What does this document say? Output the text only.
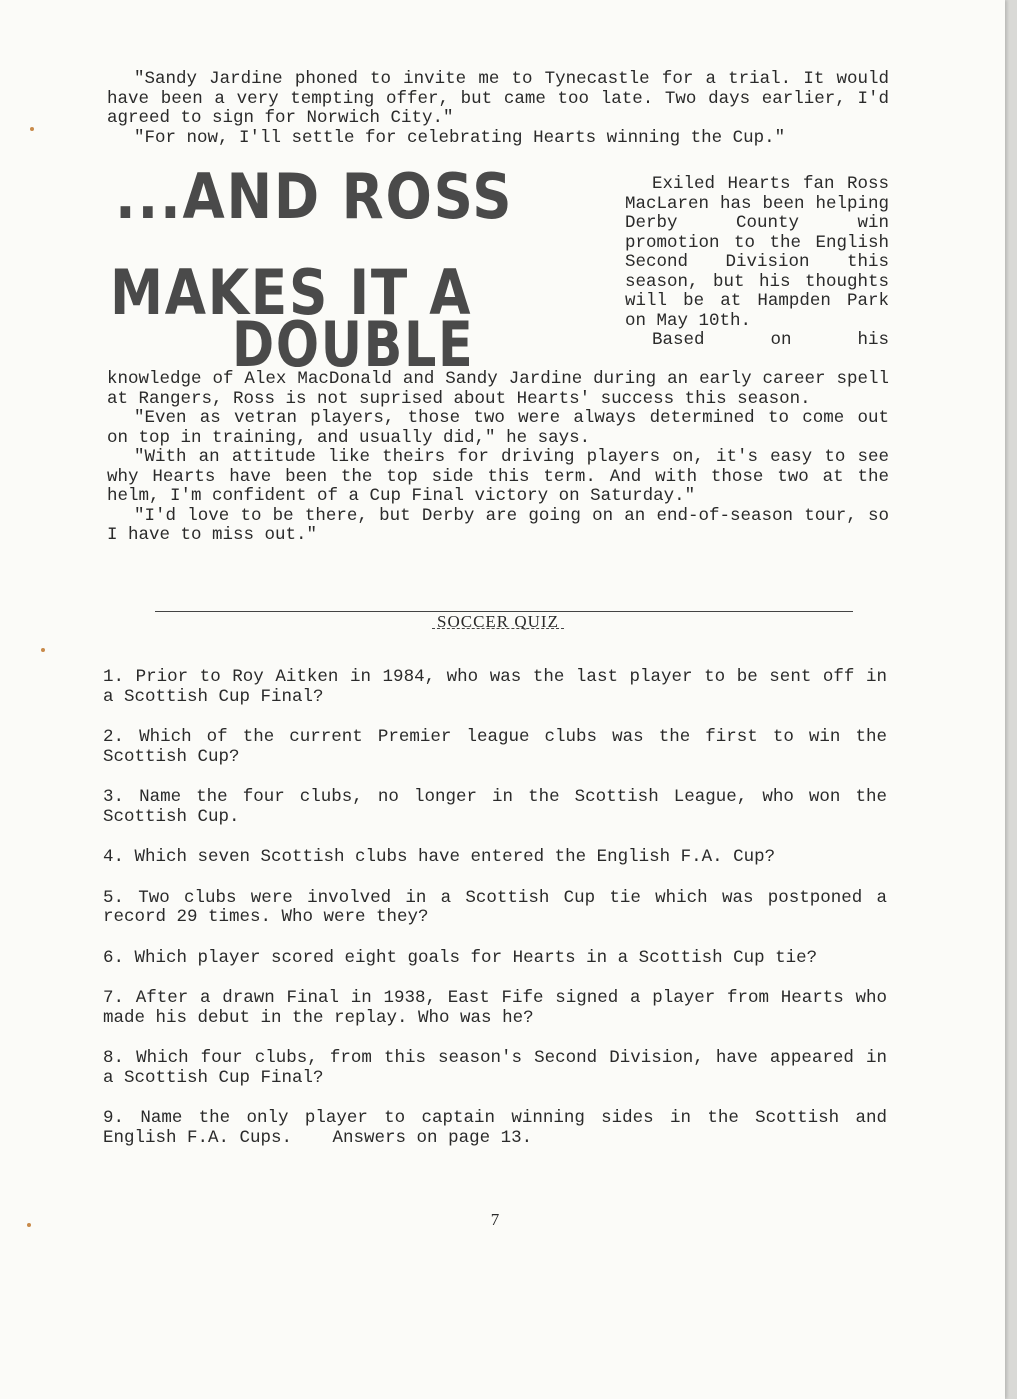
"Sandy Jardine phoned to invite me to Tynecastle for a trial. It would have been a very tempting offer, but came too late. Two days earlier, I'd agreed to sign for Norwich City."
"For now, I'll settle for celebrating Hearts winning the Cup."
...AND ROSS
MAKES IT A
DOUBLE
Exiled Hearts fan Ross MacLaren has been helping Derby County win promotion to the English Second Division this season, but his thoughts will be at Hampden Park on May 10th.
Based on his
knowledge of Alex MacDonald and Sandy Jardine during an early career spell at Rangers, Ross is not suprised about Hearts' success this season.
"Even as vetran players, those two were always determined to come out on top in training, and usually did," he says.
"With an attitude like theirs for driving players on, it's easy to see why Hearts have been the top side this term. And with those two at the helm, I'm confident of a Cup Final victory on Saturday."
"I'd love to be there, but Derby are going on an end-of-season tour, so I have to miss out."
SOCCER QUIZ
1. Prior to Roy Aitken in 1984, who was the last player to be sent off in a Scottish Cup Final?
2. Which of the current Premier league clubs was the first to win the Scottish Cup?
3. Name the four clubs, no longer in the Scottish League, who won the Scottish Cup.
4. Which seven Scottish clubs have entered the English F.A. Cup?
5. Two clubs were involved in a Scottish Cup tie which was postponed a record 29 times. Who were they?
6. Which player scored eight goals for Hearts in a Scottish Cup tie?
7. After a drawn Final in 1938, East Fife signed a player from Hearts who made his debut in the replay. Who was he?
8. Which four clubs, from this season's Second Division, have appeared in a Scottish Cup Final?
9. Name the only player to captain winning sides in the Scottish and English F.A. Cups. Answers on page 13.
7
